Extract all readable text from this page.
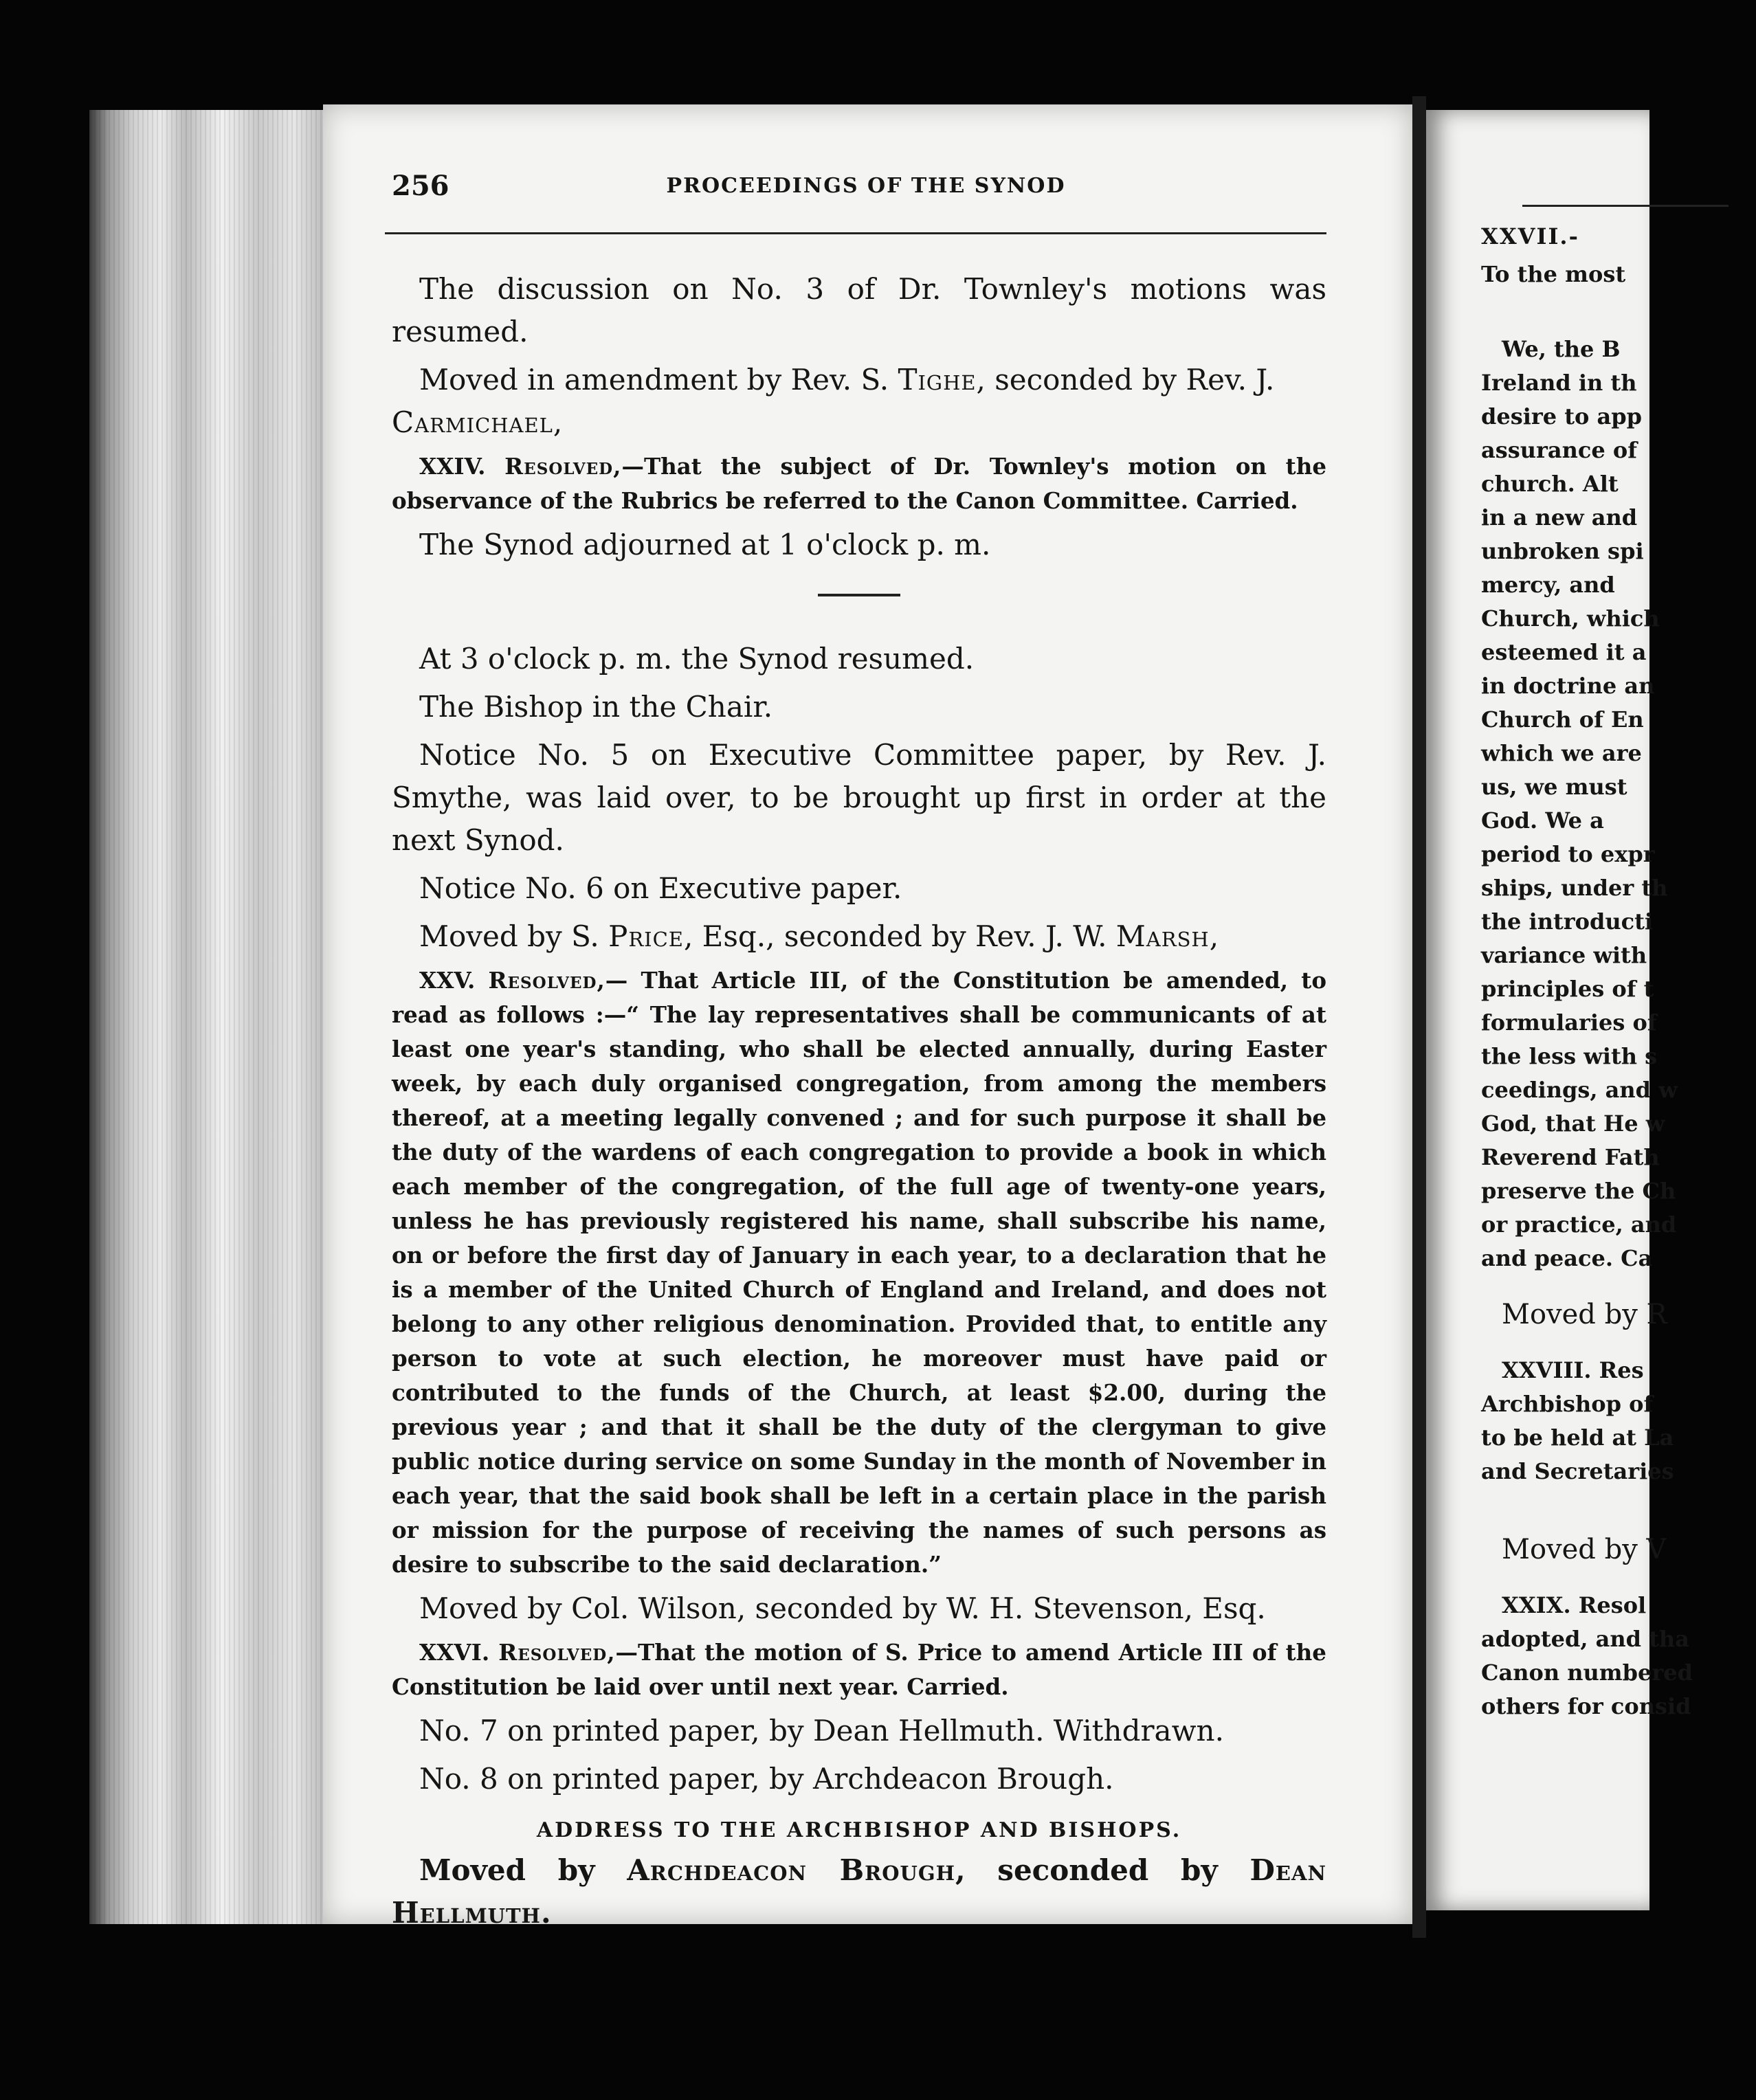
256	PROCEEDINGS OF THE SYNOD

The discussion on No. 3 of Dr. Townley's motions was resumed.

Moved in amendment by Rev. S. Tighe, seconded by Rev. J.
Carmichael,

XXIV. Resolved,—That the subject of Dr. Townley's motion on the observance of the Rubrics be referred to the Canon Committee. Carried.

The Synod adjourned at 1 o'clock p. m.

At 3 o'clock p. m. the Synod resumed.

The Bishop in the Chair.

Notice No. 5 on Executive Committee paper, by Rev. J. Smythe, was laid over, to be brought up first in order at the next Synod.

Notice No. 6 on Executive paper.

Moved by S. Price, Esq., seconded by Rev. J. W. Marsh,

XXV. Resolved,— That Article III, of the Constitution be amended, to read as follows :—“ The lay representatives shall be communicants of at least one year's standing, who shall be elected annually, during Easter week, by each duly organised congregation, from among the members thereof, at a meeting legally convened ; and for such purpose it shall be the duty of the wardens of each congregation to provide a book in which each member of the congregation, of the full age of twenty-one years, unless he has previously registered his name, shall subscribe his name, on or before the first day of January in each year, to a declaration that he is a member of the United Church of England and Ireland, and does not belong to any other religious denomination. Provided that, to entitle any person to vote at such election, he moreover must have paid or contributed to the funds of the Church, at least $2.00, during the previous year ; and that it shall be the duty of the clergyman to give public notice during service on some Sunday in the month of November in each year, that the said book shall be left in a certain place in the parish or mission for the purpose of receiving the names of such persons as desire to subscribe to the said declaration.”

Moved by Col. Wilson, seconded by W. H. Stevenson, Esq.

XXVI. Resolved,—That the motion of S. Price to amend Article III of the Constitution be laid over until next year. Carried.

No. 7 on printed paper, by Dean Hellmuth. Withdrawn.

No. 8 on printed paper, by Archdeacon Brough.

ADDRESS TO THE ARCHBISHOP AND BISHOPS.

Moved by Archdeacon Brough, seconded by Dean Hellmuth.

XXVII.-

To the most

We, the B

Ireland in th

desire to app

assurance of

church. Alt

in a new and

unbroken spi

mercy, and

Church, which

esteemed it a

in doctrine an

Church of En

which we are

us, we must

God. We a

period to expr

ships, under th

the introducti

variance with

principles of t

formularies of

the less with s

ceedings, and w

God, that He w

Reverend Fath

preserve the Ch

or practice, and

and peace. Ca

Moved by R

XXVIII. Res

Archbishop of

to be held at La

and Secretaries

Moved by V

XXIX. Resol

adopted, and tha

Canon numbered

others for consid
